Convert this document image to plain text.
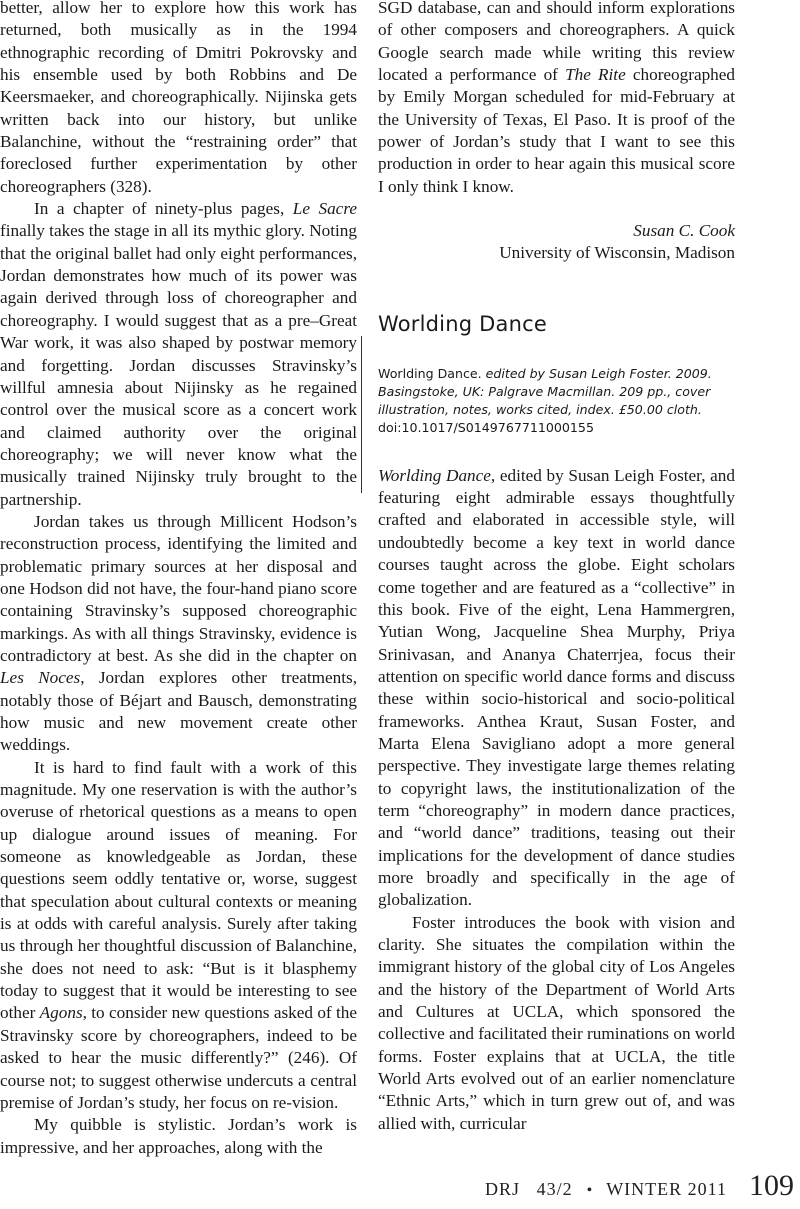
better, allow her to explore how this work has returned, both musically as in the 1994 ethnographic recording of Dmitri Pokrovsky and his ensemble used by both Robbins and De Keersmaeker, and choreographically. Nijinska gets written back into our history, but unlike Balanchine, without the “restraining order” that foreclosed further experimentation by other choreographers (328).

In a chapter of ninety-plus pages, Le Sacre finally takes the stage in all its mythic glory. Noting that the original ballet had only eight performances, Jordan demonstrates how much of its power was again derived through loss of choreographer and choreography. I would suggest that as a pre–Great War work, it was also shaped by postwar memory and forgetting. Jordan discusses Stravinsky’s willful amnesia about Nijinsky as he regained control over the musical score as a concert work and claimed authority over the original choreography; we will never know what the musically trained Nijinsky truly brought to the partnership.

Jordan takes us through Millicent Hodson’s reconstruction process, identifying the limited and problematic primary sources at her disposal and one Hodson did not have, the four-hand piano score containing Stravinsky’s supposed choreographic markings. As with all things Stravinsky, evidence is contradictory at best. As she did in the chapter on Les Noces, Jordan explores other treatments, notably those of Béjart and Bausch, demonstrating how music and new movement create other weddings.

It is hard to find fault with a work of this magnitude. My one reservation is with the author’s overuse of rhetorical questions as a means to open up dialogue around issues of meaning. For someone as knowledgeable as Jordan, these questions seem oddly tentative or, worse, suggest that speculation about cultural contexts or meaning is at odds with careful analysis. Surely after taking us through her thoughtful discussion of Balanchine, she does not need to ask: “But is it blasphemy today to suggest that it would be interesting to see other Agons, to consider new questions asked of the Stravinsky score by choreographers, indeed to be asked to hear the music differently?” (246). Of course not; to suggest otherwise undercuts a central premise of Jordan’s study, her focus on re-vision.

My quibble is stylistic. Jordan’s work is impressive, and her approaches, along with the

SGD database, can and should inform explorations of other composers and choreographers. A quick Google search made while writing this review located a performance of The Rite choreographed by Emily Morgan scheduled for mid-February at the University of Texas, El Paso. It is proof of the power of Jordan’s study that I want to see this production in order to hear again this musical score I only think I know.

Susan C. Cook
University of Wisconsin, Madison
Worlding Dance
Worlding Dance. edited by Susan Leigh Foster. 2009. Basingstoke, UK: Palgrave Macmillan. 209 pp., cover illustration, notes, works cited, index. £50.00 cloth.
doi:10.1017/S0149767711000155

Worlding Dance, edited by Susan Leigh Foster, and featuring eight admirable essays thoughtfully crafted and elaborated in accessible style, will undoubtedly become a key text in world dance courses taught across the globe. Eight scholars come together and are featured as a “collective” in this book. Five of the eight, Lena Hammergren, Yutian Wong, Jacqueline Shea Murphy, Priya Srinivasan, and Ananya Chaterrjea, focus their attention on specific world dance forms and discuss these within socio-historical and socio-political frameworks. Anthea Kraut, Susan Foster, and Marta Elena Savigliano adopt a more general perspective. They investigate large themes relating to copyright laws, the institutionalization of the term “choreography” in modern dance practices, and “world dance” traditions, teasing out their implications for the development of dance studies more broadly and specifically in the age of globalization.

Foster introduces the book with vision and clarity. She situates the compilation within the immigrant history of the global city of Los Angeles and the history of the Department of World Arts and Cultures at UCLA, which sponsored the collective and facilitated their ruminations on world forms. Foster explains that at UCLA, the title World Arts evolved out of an earlier nomenclature “Ethnic Arts,” which in turn grew out of, and was allied with, curricular

DRJ 43/2 • WINTER 2011 109
